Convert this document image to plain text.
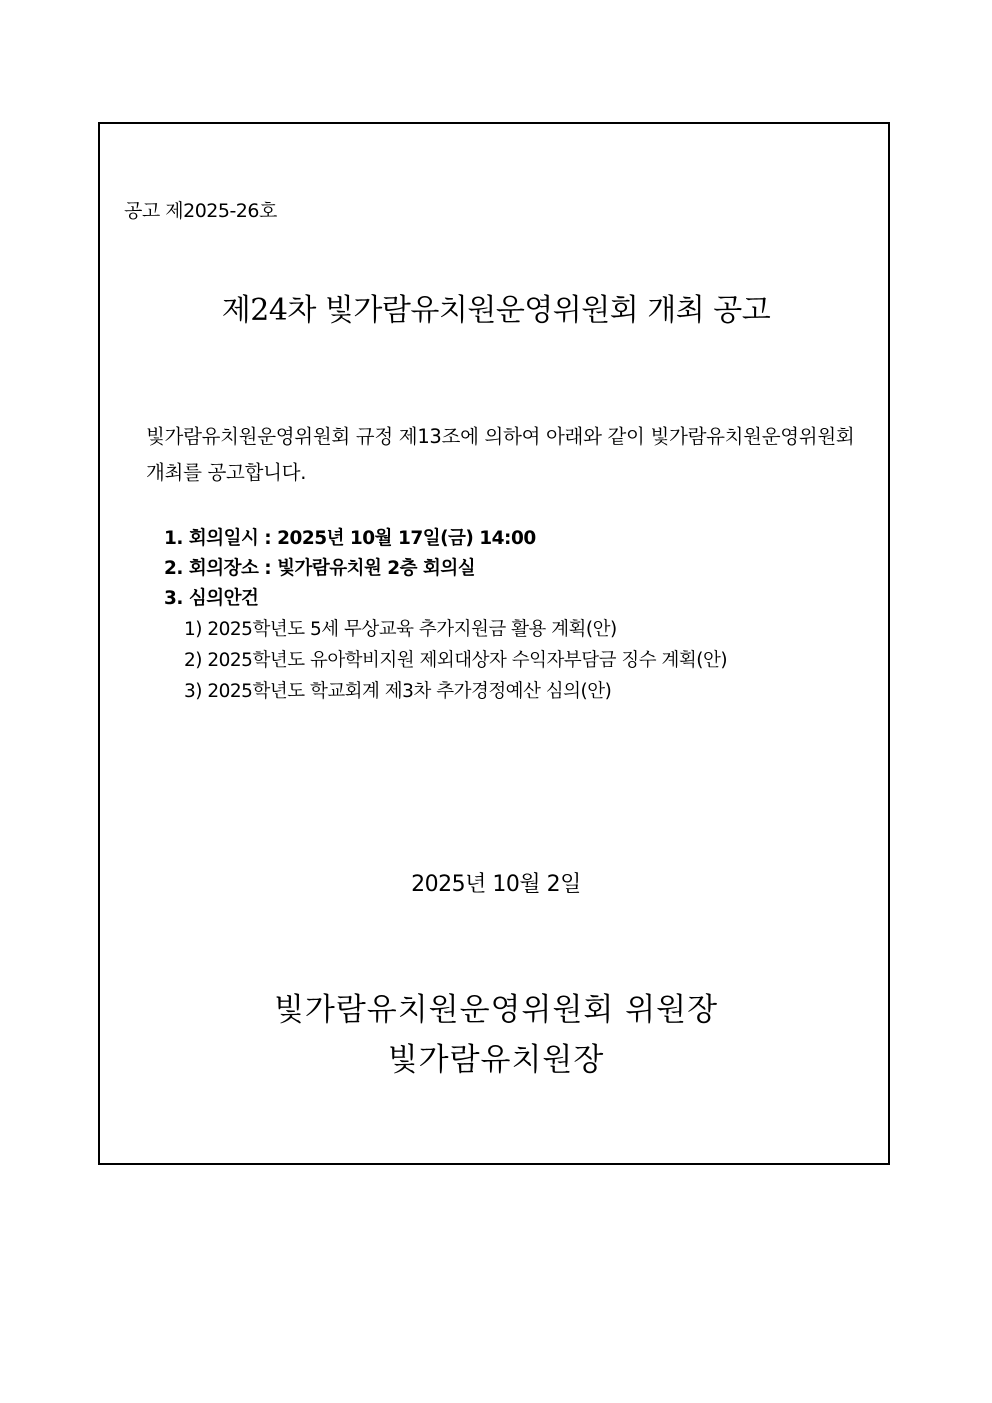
공고 제2025-26호
제24차 빛가람유치원운영위원회 개최 공고
빛가람유치원운영위원회 규정 제13조에 의하여 아래와 같이 빛가람유치원운영위원회 개최를 공고합니다.
1. 회의일시 : 2025년 10월 17일(금) 14:00
2. 회의장소 : 빛가람유치원 2층 회의실
3. 심의안건
1) 2025학년도 5세 무상교육 추가지원금 활용 계획(안)
2) 2025학년도 유아학비지원 제외대상자 수익자부담금 징수 계획(안)
3) 2025학년도 학교회계 제3차 추가경정예산 심의(안)
2025년 10월 2일
빛가람유치원운영위원회 위원장
빛가람유치원장
